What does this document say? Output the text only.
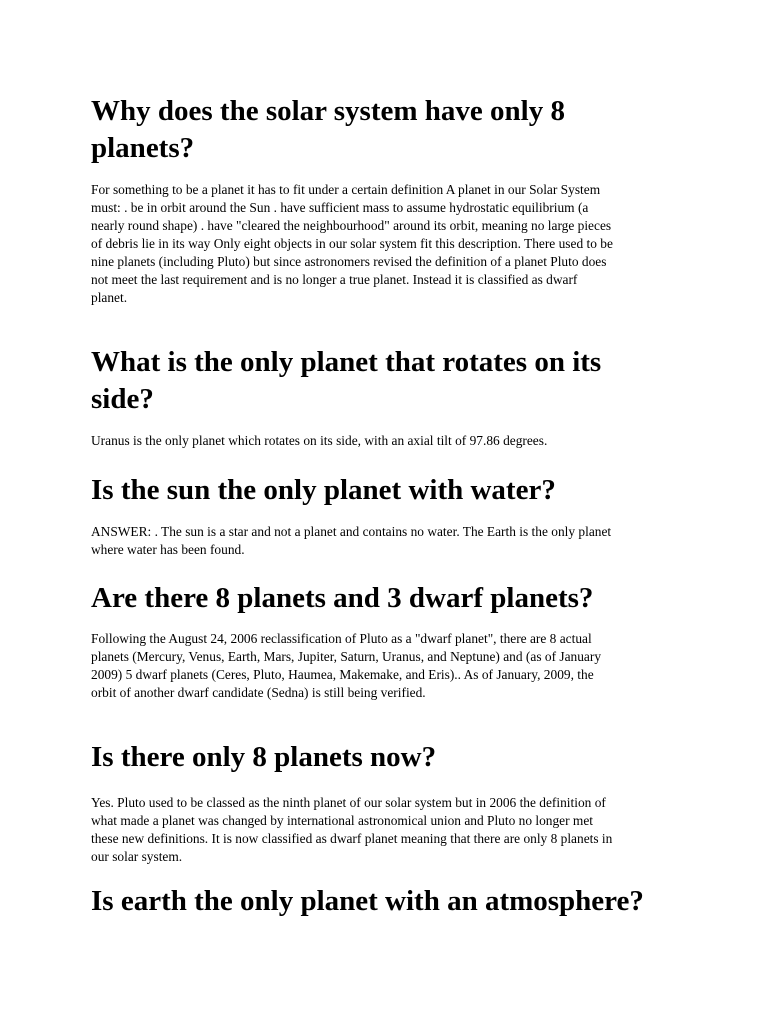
Why does the solar system have only 8
planets?
For something to be a planet it has to fit under a certain definition A planet in our Solar System
must: . be in orbit around the Sun . have sufficient mass to assume hydrostatic equilibrium (a
nearly round shape) . have "cleared the neighbourhood" around its orbit, meaning no large pieces
of debris lie in its way Only eight objects in our solar system fit this description. There used to be
nine planets (including Pluto) but since astronomers revised the definition of a planet Pluto does
not meet the last requirement and is no longer a true planet. Instead it is classified as dwarf
planet.
What is the only planet that rotates on its
side?
Uranus is the only planet which rotates on its side, with an axial tilt of 97.86 degrees.
Is the sun the only planet with water?
ANSWER: . The sun is a star and not a planet and contains no water. The Earth is the only planet
where water has been found.
Are there 8 planets and 3 dwarf planets?
Following the August 24, 2006 reclassification of Pluto as a "dwarf planet", there are 8 actual
planets (Mercury, Venus, Earth, Mars, Jupiter, Saturn, Uranus, and Neptune) and (as of January
2009) 5 dwarf planets (Ceres, Pluto, Haumea, Makemake, and Eris).. As of January, 2009, the
orbit of another dwarf candidate (Sedna) is still being verified.
Is there only 8 planets now?
Yes. Pluto used to be classed as the ninth planet of our solar system but in 2006 the definition of
what made a planet was changed by international astronomical union and Pluto no longer met
these new definitions. It is now classified as dwarf planet meaning that there are only 8 planets in
our solar system.
Is earth the only planet with an atmosphere?
